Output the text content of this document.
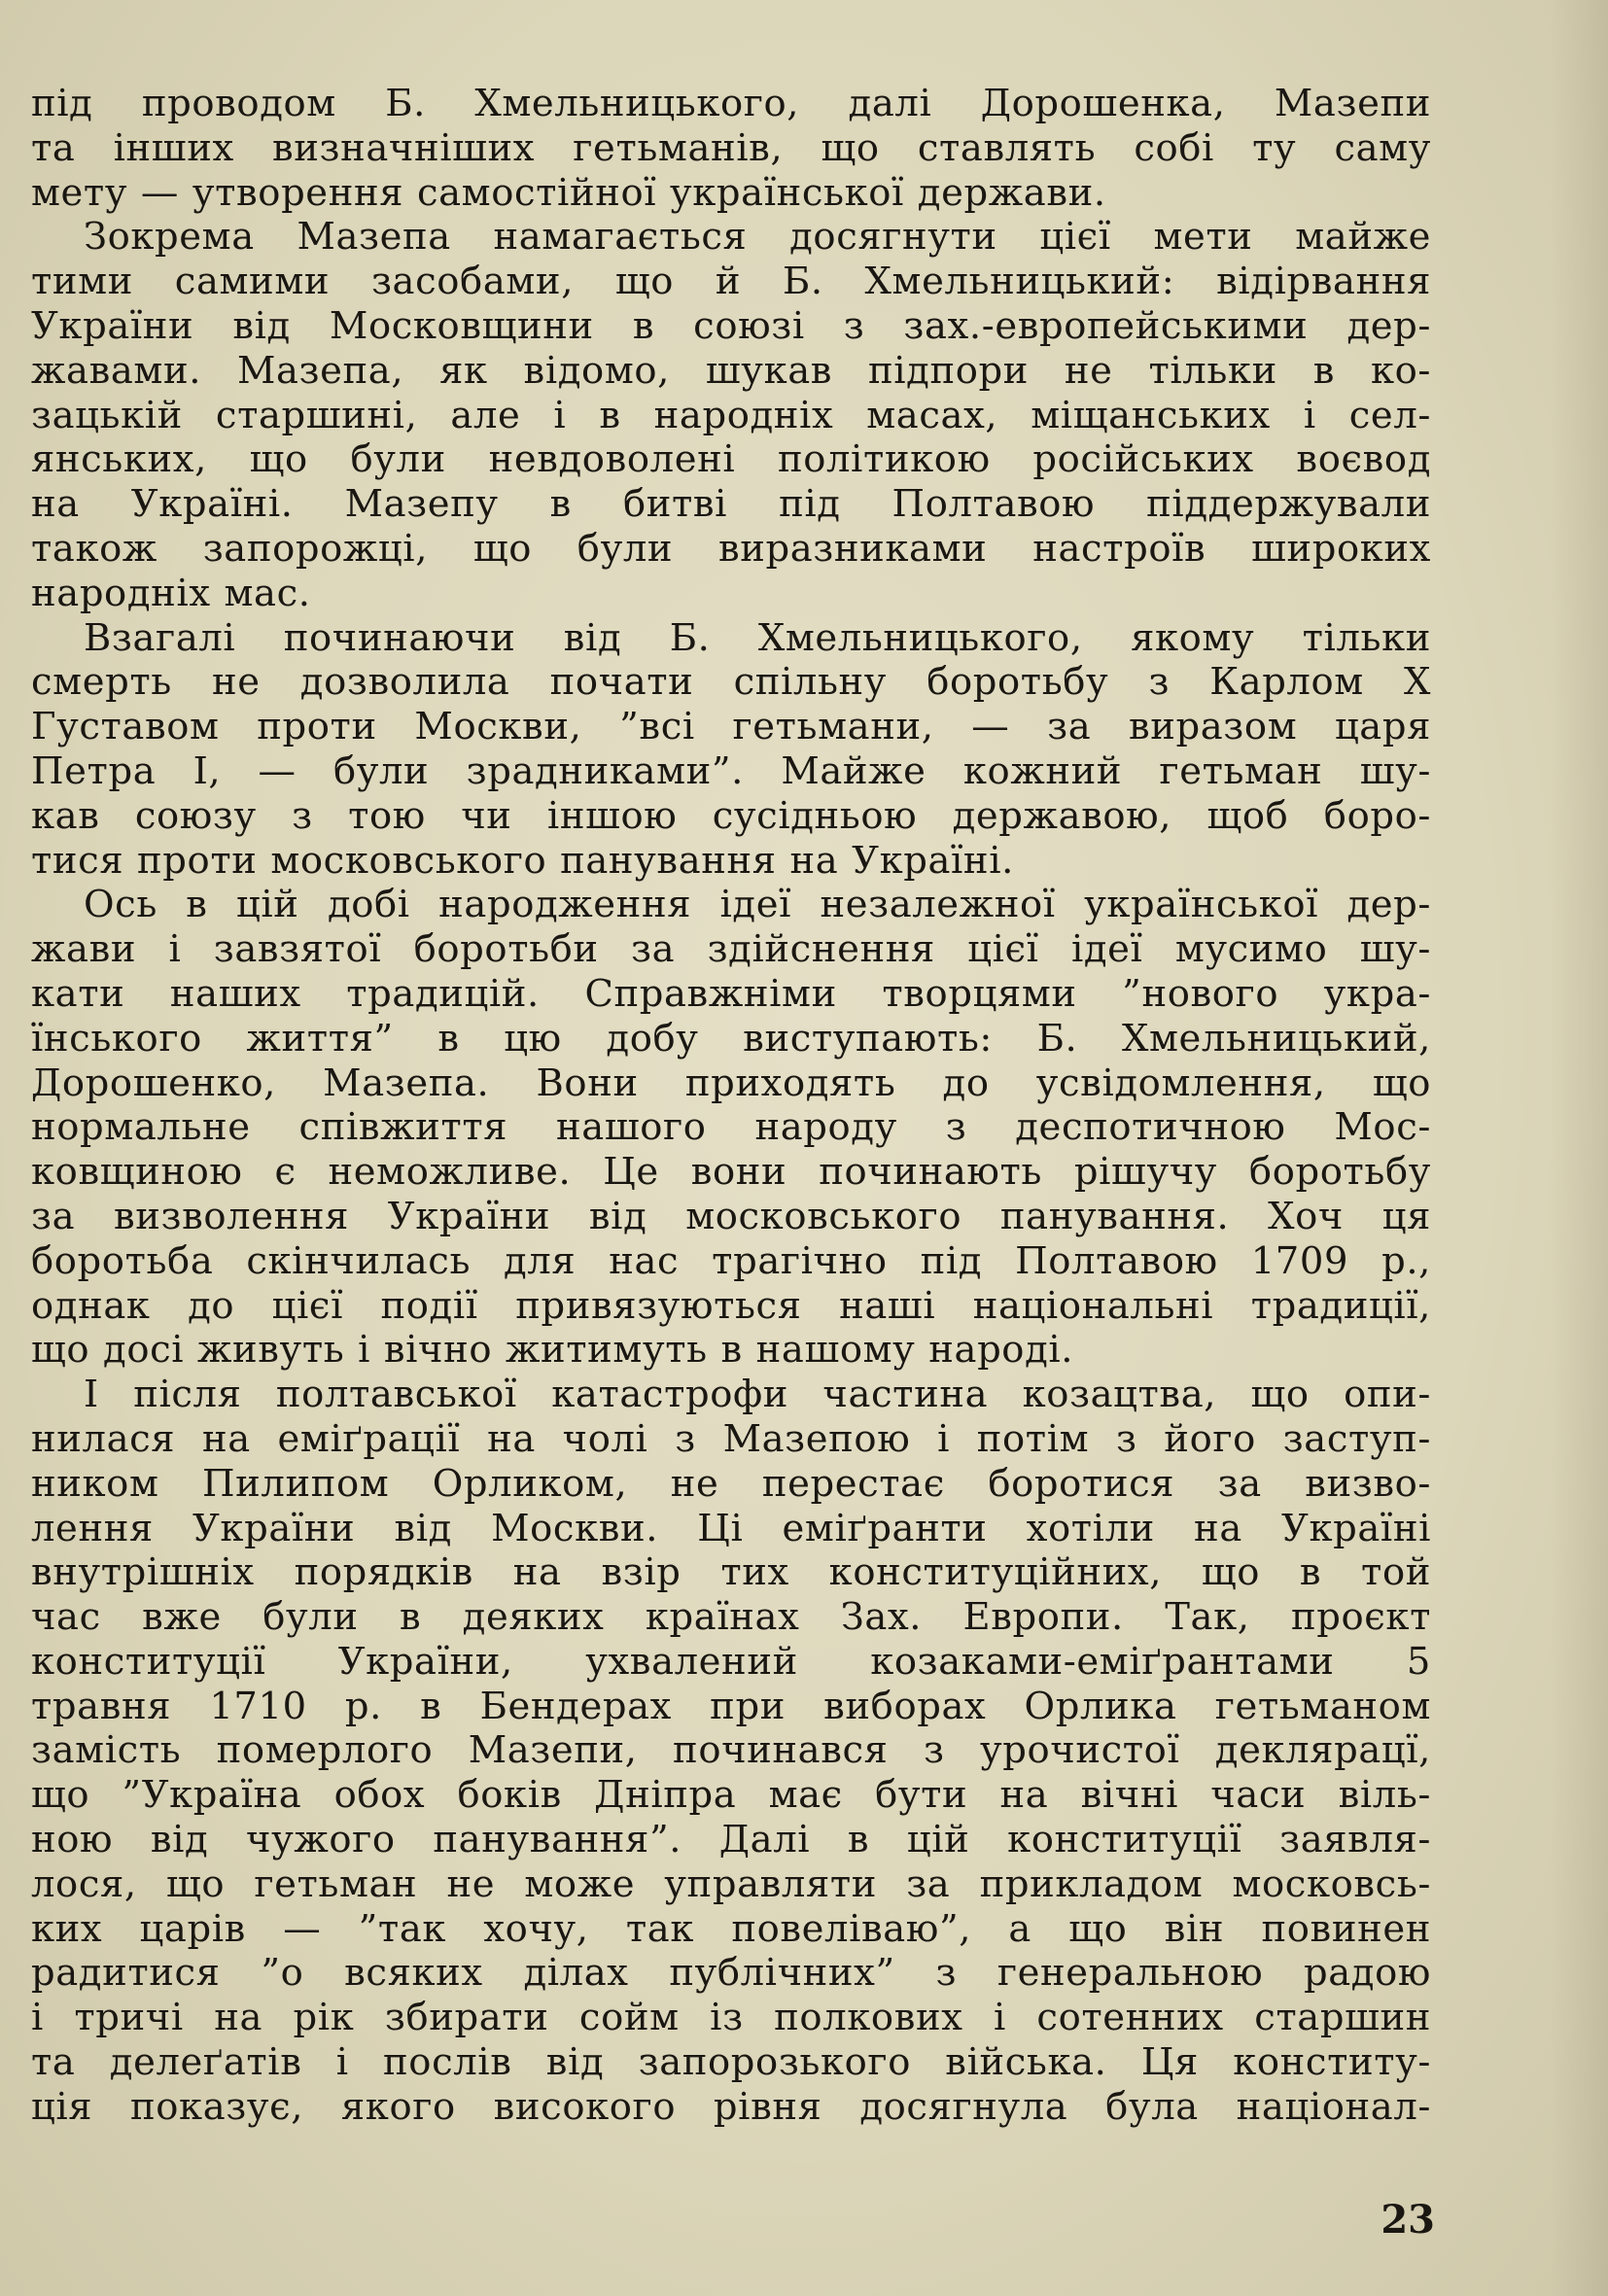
під проводом Б. Хмельницького, далі Дорошенка, Мазепи
та інших визначніших гетьманів, що ставлять собі ту саму
мету — утворення самостійної української держави.
Зокрема Мазепа намагається досягнути цієї мети майже
тими самими засобами, що й Б. Хмельницький: відірвання
України від Московщини в союзі з зах.-европейськими дер-
жавами. Мазепа, як відомо, шукав підпори не тільки в ко-
зацькій старшині, але і в народніх масах, міщанських і сел-
янських, що були невдоволені політикою російських воєвод
на Україні. Мазепу в битві під Полтавою піддержували
також запорожці, що були виразниками настроїв широких
народніх мас.
Взагалі починаючи від Б. Хмельницького, якому тільки
смерть не дозволила почати спільну боротьбу з Карлом X
Густавом проти Москви, ”всі гетьмани, — за виразом царя
Петра I, — були зрадниками”. Майже кожний гетьман шу-
кав союзу з тою чи іншою сусідньою державою, щоб боро-
тися проти московського панування на Україні.
Ось в цій добі народження ідеї незалежної української дер-
жави і завзятої боротьби за здійснення цієї ідеї мусимо шу-
кати наших традицій. Справжніми творцями ”нового укра-
їнського життя” в цю добу виступають: Б. Хмельницький,
Дорошенко, Мазепа. Вони приходять до усвідомлення, що
нормальне співжиття нашого народу з деспотичною Мос-
ковщиною є неможливе. Це вони починають рішучу боротьбу
за визволення України від московського панування. Хоч ця
боротьба скінчилась для нас трагічно під Полтавою 1709 р.,
однак до цієї події привязуються наші національні традиції,
що досі живуть і вічно житимуть в нашому народі.
І після полтавської катастрофи частина козацтва, що опи-
нилася на еміґрації на чолі з Мазепою і потім з його заступ-
ником Пилипом Орликом, не перестає боротися за визво-
лення України від Москви. Ці еміґранти хотіли на Україні
внутрішніх порядків на взір тих конституційних, що в той
час вже були в деяких країнах Зах. Европи. Так, проєкт
конституції України, ухвалений козаками-еміґрантами 5
травня 1710 р. в Бендерах при виборах Орлика гетьманом
замість померлого Мазепи, починався з урочистої деклярацї,
що ”Україна обох боків Дніпра має бути на вічні часи віль-
ною від чужого панування”. Далі в цій конституції заявля-
лося, що гетьман не може управляти за прикладом московсь-
ких царів — ”так хочу, так повеліваю”, а що він повинен
радитися ”о всяких ділах публічних” з генеральною радою
і тричі на рік збирати сойм із полкових і сотенних старшин
та делеґатів і послів від запорозького війська. Ця конститу-
ція показує, якого високого рівня досягнула була націонал-
23
